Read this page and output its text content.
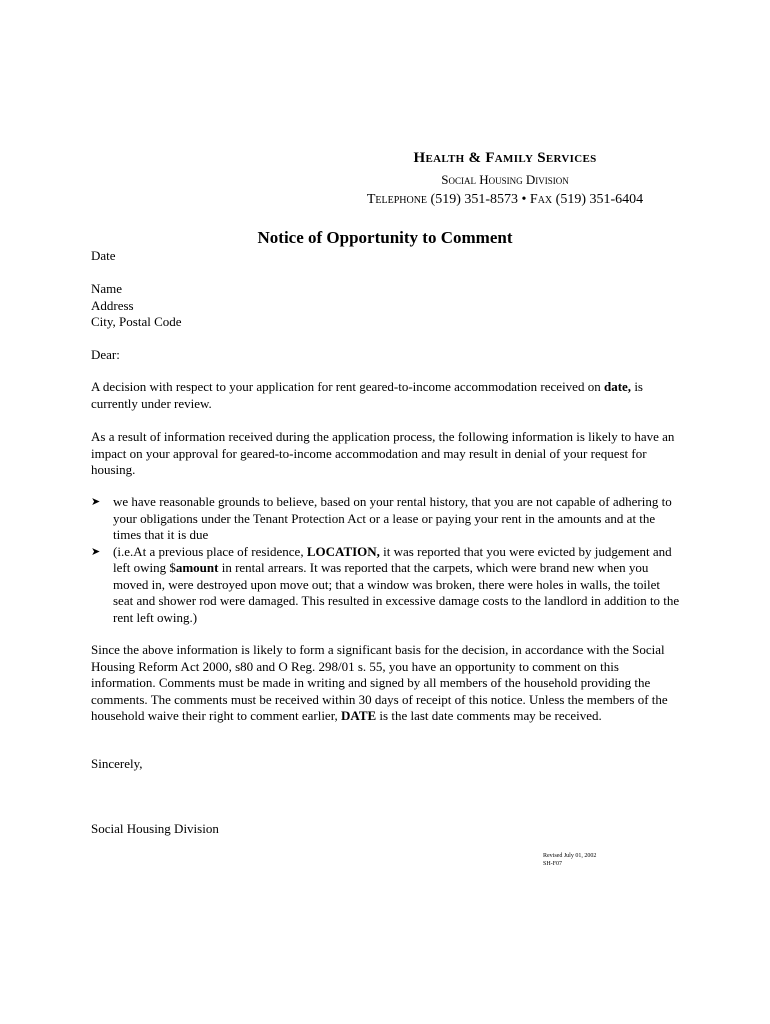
Health & Family Services
Social Housing Division
Telephone (519) 351-8573 • Fax (519) 351-6404
Notice of Opportunity to Comment
Date
Name
Address
City, Postal Code
Dear:
A decision with respect to your application for rent geared-to-income accommodation received on date, is currently under review.
As a result of information received during the application process, the following information is likely to have an impact on your approval for geared-to-income accommodation and may result in denial of your request for housing.
➤ we have reasonable grounds to believe, based on your rental history, that you are not capable of adhering to your obligations under the Tenant Protection Act or a lease or paying your rent in the amounts and at the times that it is due
➤ (i.e.At a previous place of residence, LOCATION, it was reported that you were evicted by judgement and left owing $amount in rental arrears. It was reported that the carpets, which were brand new when you moved in, were destroyed upon move out; that a window was broken, there were holes in walls, the toilet seat and shower rod were damaged. This resulted in excessive damage costs to the landlord in addition to the rent left owing.)
Since the above information is likely to form a significant basis for the decision, in accordance with the Social Housing Reform Act 2000, s80 and O Reg. 298/01 s. 55, you have an opportunity to comment on this information. Comments must be made in writing and signed by all members of the household providing the comments. The comments must be received within 30 days of receipt of this notice. Unless the members of the household waive their right to comment earlier, DATE is the last date comments may be received.
Sincerely,
Social Housing Division
Revised July 01, 2002
SH-F07
